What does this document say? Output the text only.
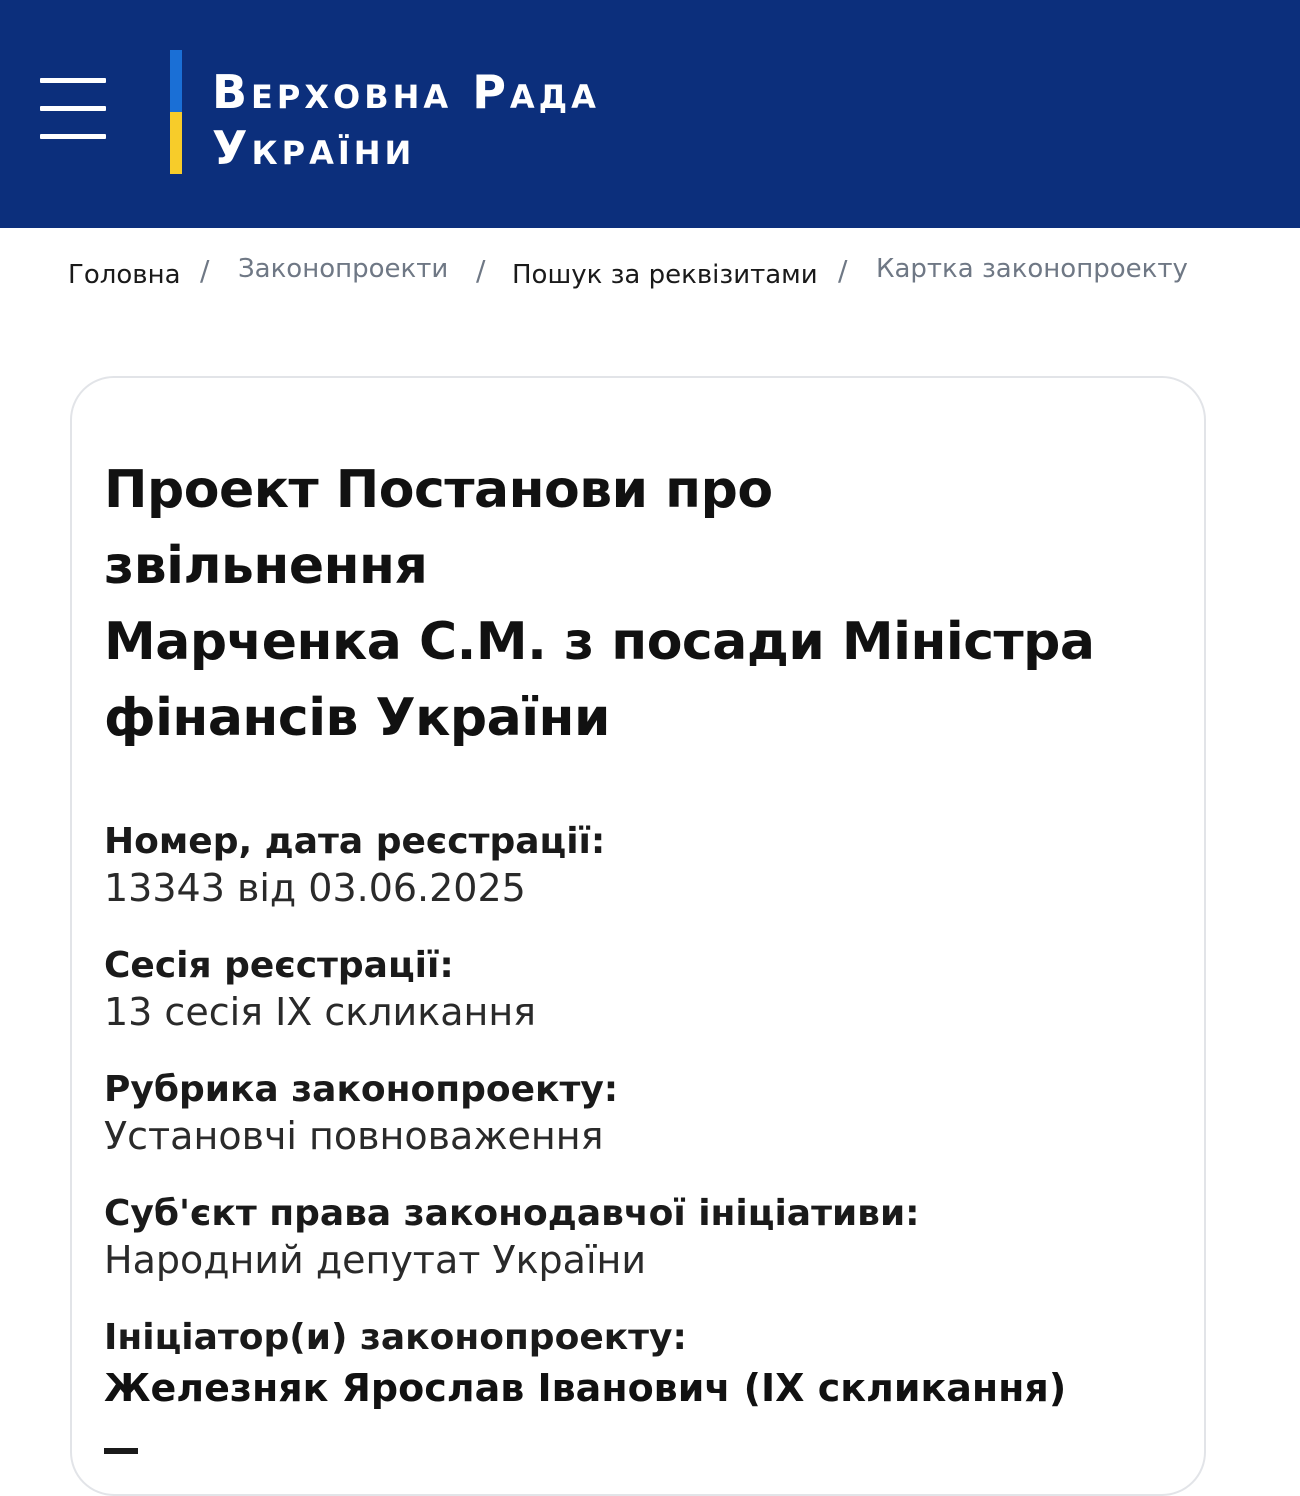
Верховна Рада
України
Головна / Законопроекти / Пошук за реквізитами / Картка законопроекту
Проект Постанови про звільнення
Марченка С.М. з посади Міністра
фінансів України
Номер, дата реєстрації:
13343 від 03.06.2025
Сесія реєстрації:
13 сесія IX скликання
Рубрика законопроекту:
Установчі повноваження
Суб'єкт права законодавчої ініціативи:
Народний депутат України
Ініціатор(и) законопроекту:
Железняк Ярослав Іванович (IX скликання)
